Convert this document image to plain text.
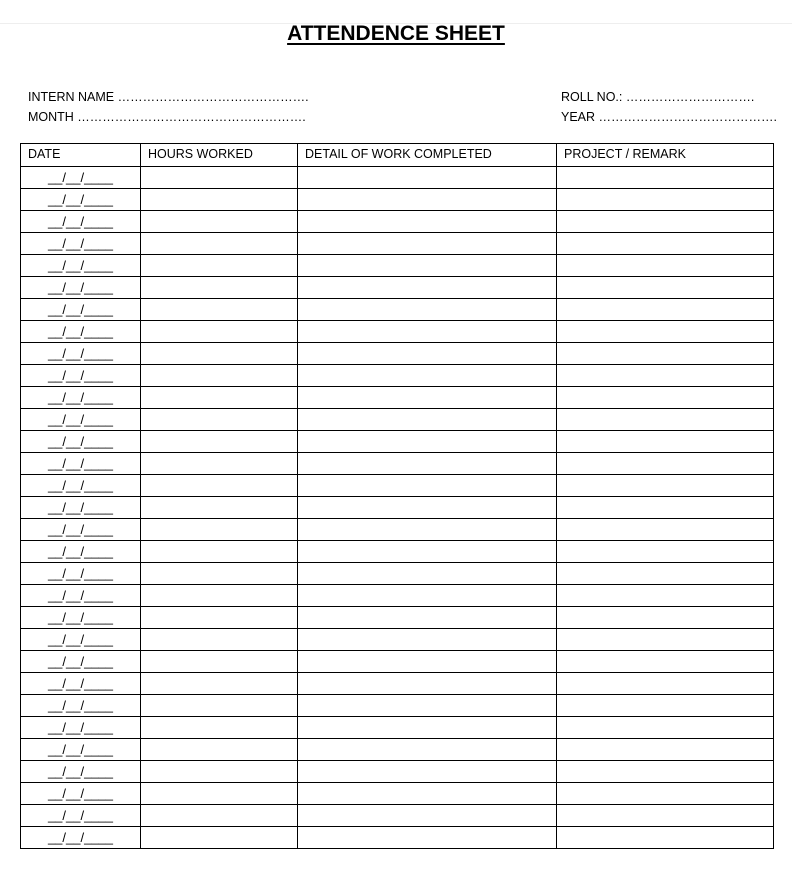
ATTENDENCE SHEET
INTERN NAME ……………………………………….
MONTH ……………………………………………….
ROLL NO.: ………………………….
YEAR …………………………………….
DATE	HOURS WORKED	DETAIL OF WORK COMPLETED	PROJECT / REMARK
__/__/____			
__/__/____			
__/__/____			
__/__/____			
__/__/____			
__/__/____			
__/__/____			
__/__/____			
__/__/____			
__/__/____			
__/__/____			
__/__/____			
__/__/____			
__/__/____			
__/__/____			
__/__/____			
__/__/____			
__/__/____			
__/__/____			
__/__/____			
__/__/____			
__/__/____			
__/__/____			
__/__/____			
__/__/____			
__/__/____			
__/__/____			
__/__/____			
__/__/____			
__/__/____			
__/__/____			
